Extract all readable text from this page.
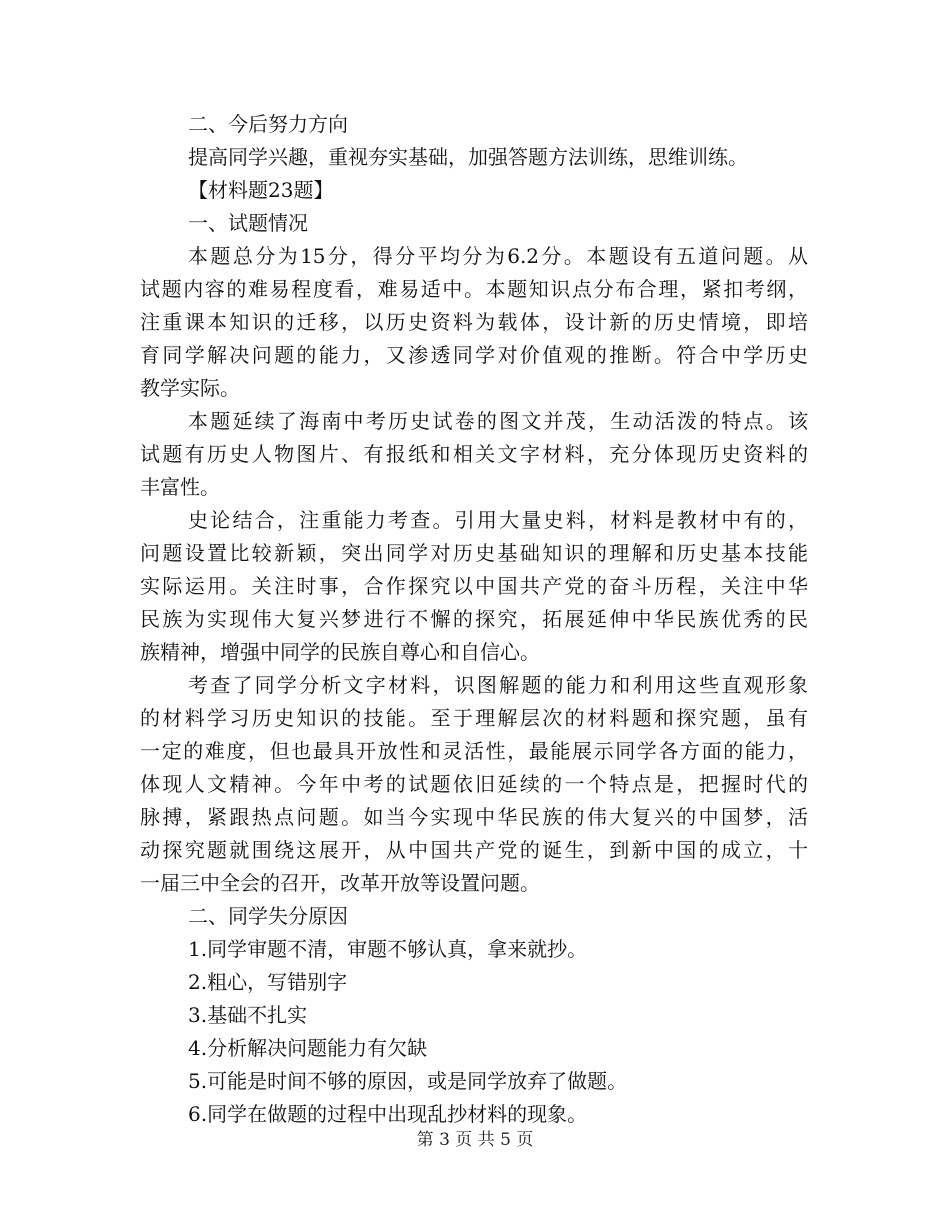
二、今后努力方向

提高同学兴趣，重视夯实基础，加强答题方法训练，思维训练。

【材料题23题】

一、试题情况

本题总分为15分，得分平均分为6.2分。本题设有五道问题。从

试题内容的难易程度看，难易适中。本题知识点分布合理，紧扣考纲，

注重课本知识的迁移，以历史资料为载体，设计新的历史情境，即培

育同学解决问题的能力，又渗透同学对价值观的推断。符合中学历史

教学实际。

本题延续了海南中考历史试卷的图文并茂，生动活泼的特点。该

试题有历史人物图片、有报纸和相关文字材料，充分体现历史资料的

丰富性。

史论结合，注重能力考查。引用大量史料，材料是教材中有的，

问题设置比较新颖，突出同学对历史基础知识的理解和历史基本技能

实际运用。关注时事，合作探究以中国共产党的奋斗历程，关注中华

民族为实现伟大复兴梦进行不懈的探究，拓展延伸中华民族优秀的民

族精神，增强中同学的民族自尊心和自信心。

考查了同学分析文字材料，识图解题的能力和利用这些直观形象

的材料学习历史知识的技能。至于理解层次的材料题和探究题，虽有

一定的难度，但也最具开放性和灵活性，最能展示同学各方面的能力，

体现人文精神。今年中考的试题依旧延续的一个特点是，把握时代的

脉搏，紧跟热点问题。如当今实现中华民族的伟大复兴的中国梦，活

动探究题就围绕这展开，从中国共产党的诞生，到新中国的成立，十

一届三中全会的召开，改革开放等设置问题。

二、同学失分原因

1.同学审题不清，审题不够认真，拿来就抄。

2.粗心，写错别字

3.基础不扎实

4.分析解决问题能力有欠缺

5.可能是时间不够的原因，或是同学放弃了做题。

6.同学在做题的过程中出现乱抄材料的现象。

第 3 页 共 5 页
